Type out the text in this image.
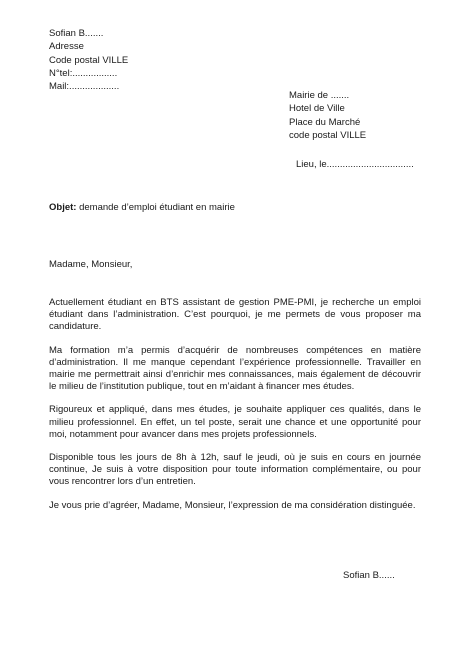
Sofian B.......
Adresse
Code postal VILLE
N°tel:.................
Mail:...................
Mairie de .......
Hotel de Ville
Place du Marché
code postal VILLE
Lieu, le.................................
Objet: demande d’emploi étudiant en mairie
Madame, Monsieur,

Actuellement étudiant en BTS assistant de gestion PME-PMI, je recherche un emploi étudiant dans l’administration. C’est pourquoi, je me permets de vous proposer ma candidature.

Ma formation m’a permis d’acquérir de nombreuses compétences en matière d’administration. Il me manque cependant l’expérience professionnelle. Travailler en mairie me permettrait ainsi d’enrichir mes connaissances, mais également de découvrir le milieu de l’institution publique, tout en m’aidant à financer mes études.

Rigoureux et appliqué, dans mes études, je souhaite appliquer ces qualités, dans le milieu professionnel. En effet, un tel poste, serait une chance et une opportunité pour moi, notamment pour avancer dans mes projets professionnels.

Disponible tous les jours de 8h à 12h, sauf le jeudi, où je suis en cours en journée continue, Je suis à votre disposition pour toute information complémentaire, ou pour vous rencontrer lors d’un entretien.

Je vous prie d’agréer, Madame, Monsieur, l’expression de ma considération distinguée.

Sofian B......
